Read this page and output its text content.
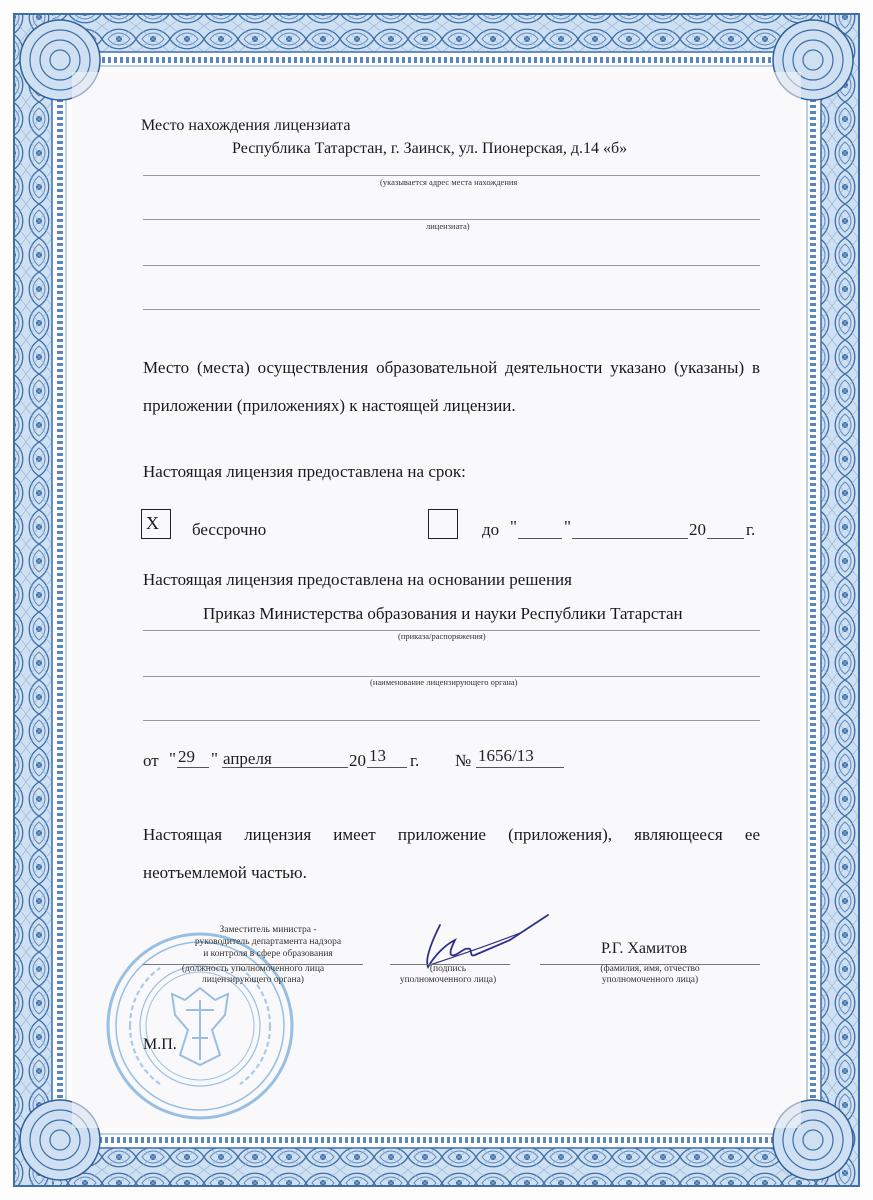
Место нахождения лицензиата
Республика Татарстан, г. Заинск, ул. Пионерская, д.14 «б»
(указывается адрес места нахождения
лицензиата)
Место (места) осуществления образовательной деятельности указано (указаны) в приложении (приложениях) к настоящей лицензии.
Настоящая лицензия предоставлена на срок:
X бессрочно	до "	"	20 г.
Настоящая лицензия предоставлена на основании решения
Приказ Министерства образования и науки Республики Татарстан
(приказа/распоряжения)
(наименование лицензирующего органа)
от " 29 " апреля	20 13 г. № 1656/13
Настоящая лицензия имеет приложение (приложения), являющееся ее неотъемлемой частью.
Заместитель министра -
руководитель департамента надзора
и контроля в сфере образования
(должность уполномоченного лица
лицензирующего органа)
(подпись
уполномоченного лица)
Р.Г. Хамитов
(фамилия, имя, отчество
уполномоченного лица)
М.П.
